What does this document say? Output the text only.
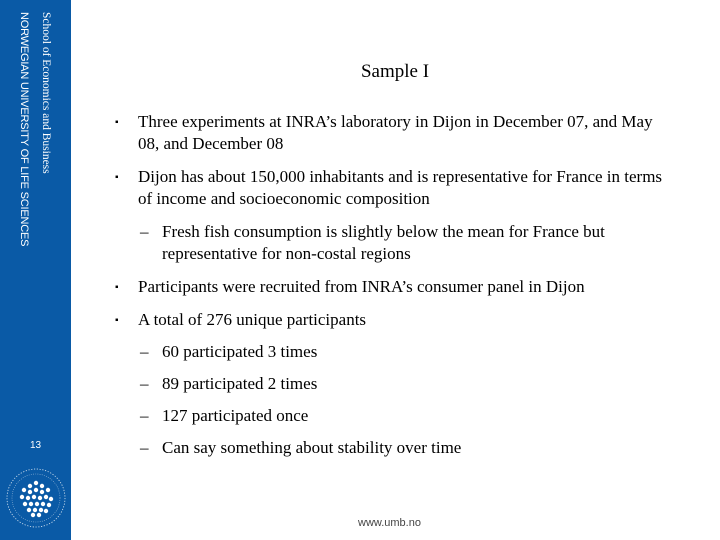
School of Economics and Business
NORWEGIAN UNIVERSITY OF LIFE SCIENCES
13
Sample I
▪ Three experiments at INRA’s laboratory in Dijon in December 07, and May 08, and December 08
▪ Dijon has about 150,000 inhabitants and is representative for France in terms of income and socioeconomic composition
– Fresh fish consumption is slightly below the mean for France but representative for non-costal regions
▪ Participants were recruited from INRA’s consumer panel in Dijon
▪ A total of 276 unique participants
– 60 participated 3 times
– 89 participated 2 times
– 127 participated once
– Can say something about stability over time
www.umb.no
